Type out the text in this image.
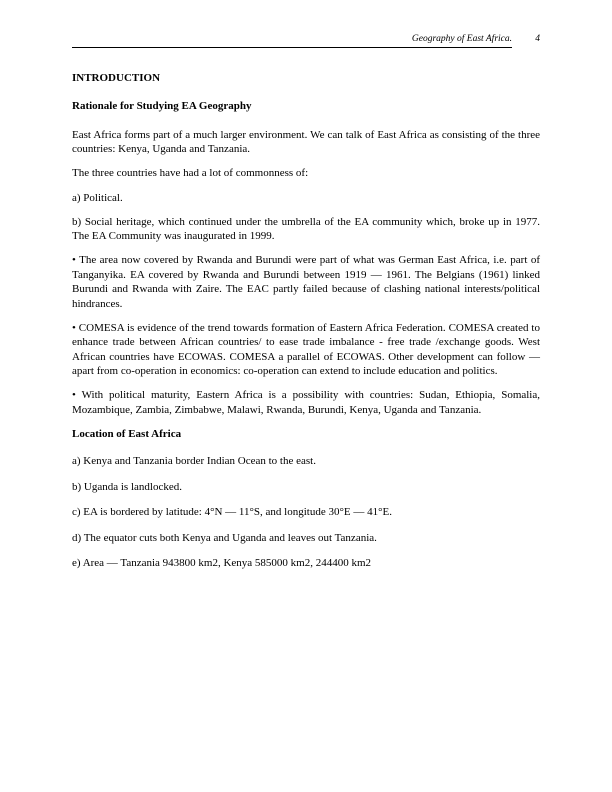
Geography of East Africa. 4
INTRODUCTION
Rationale for Studying EA Geography

East Africa forms part of a much larger environment. We can talk of East Africa as consisting of the three countries: Kenya, Uganda and Tanzania.

The three countries have had a lot of commonness of:

a) Political.

b) Social heritage, which continued under the umbrella of the EA community which, broke up in 1977. The EA Community was inaugurated in 1999.

• The area now covered by Rwanda and Burundi were part of what was German East Africa, i.e. part of Tanganyika. EA covered by Rwanda and Burundi between 1919 — 1961. The Belgians (1961) linked Burundi and Rwanda with Zaire. The EAC partly failed because of clashing national interests/political hindrances.

• COMESA is evidence of the trend towards formation of Eastern Africa Federation. COMESA created to enhance trade between African countries/ to ease trade imbalance - free trade /exchange goods. West African countries have ECOWAS. COMESA a parallel of ECOWAS. Other development can follow — apart from co-operation in economics: co-operation can extend to include education and politics.

• With political maturity, Eastern Africa is a possibility with countries: Sudan, Ethiopia, Somalia, Mozambique, Zambia, Zimbabwe, Malawi, Rwanda, Burundi, Kenya, Uganda and Tanzania.

Location of East Africa

a) Kenya and Tanzania border Indian Ocean to the east.

b) Uganda is landlocked.

c) EA is bordered by latitude: 4°N — 11°S, and longitude 30°E — 41°E.

d) The equator cuts both Kenya and Uganda and leaves out Tanzania.

e) Area — Tanzania 943800 km2, Kenya 585000 km2, 244400 km2
